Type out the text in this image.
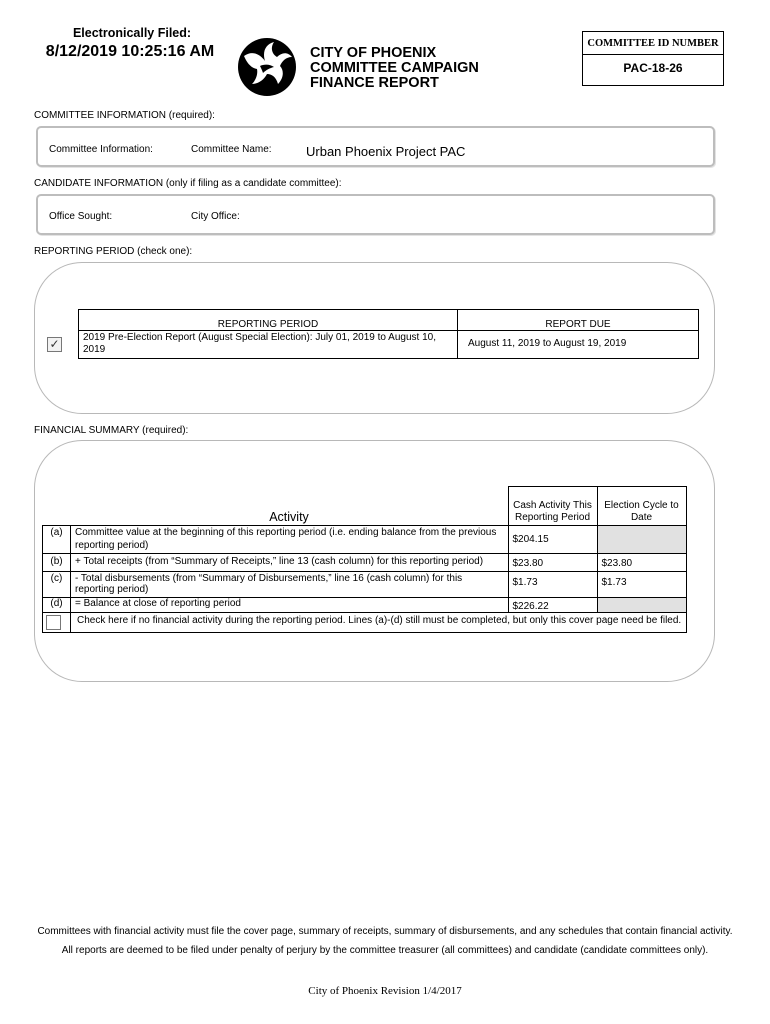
Electronically Filed:
8/12/2019 10:25:16 AM	CITY OF PHOENIX
COMMITTEE CAMPAIGN
FINANCE REPORT
COMMITTEE ID NUMBER
PAC-18-26
COMMITTEE INFORMATION (required):
Committee Information:	Committee Name:	Urban Phoenix Project PAC
CANDIDATE INFORMATION (only if filing as a candidate committee):
Office Sought:	City Office:
REPORTING PERIOD (check one):
	REPORTING PERIOD	REPORT DUE

✓	2019 Pre-Election Report (August Special Election): July 01, 2019 to August 10, 2019	August 11, 2019 to August 19, 2019
FINANCIAL SUMMARY (required):
	Activity	Cash Activity This Reporting Period	Election Cycle to Date
(a)	Committee value at the beginning of this reporting period (i.e. ending balance from the previous reporting period)	$204.15	
(b)	+ Total receipts (from “Summary of Receipts,” line 13 (cash column) for this reporting period)	$23.80	$23.80
(c)	- Total disbursements (from “Summary of Disbursements,” line 16 (cash column) for this reporting period)	$1.73	$1.73
(d)	= Balance at close of reporting period	$226.22	

	Check here if no financial activity during the reporting period. Lines (a)-(d) still must be completed, but only this cover page need be filed.		
Committees with financial activity must file the cover page, summary of receipts, summary of disbursements, and any schedules that contain financial activity.
All reports are deemed to be filed under penalty of perjury by the committee treasurer (all committees) and candidate (candidate committees only).
City of Phoenix Revision 1/4/2017
